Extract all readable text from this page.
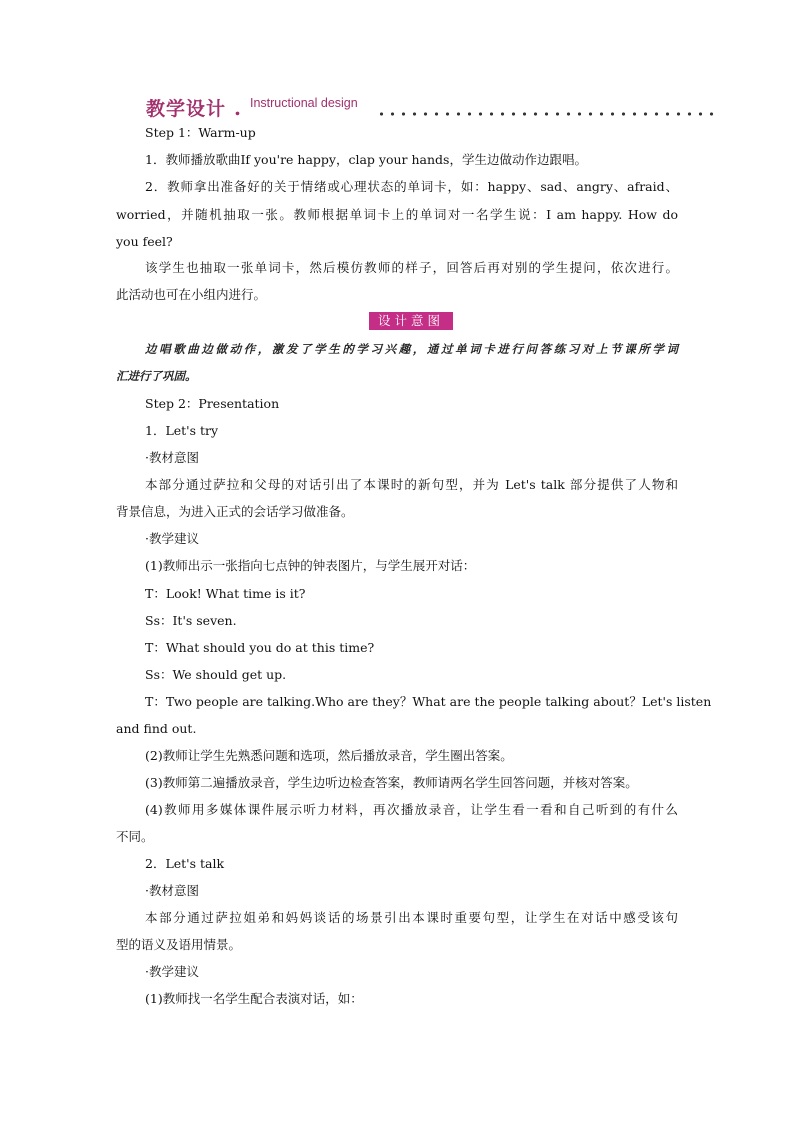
教学设计 . Instructional design
Step 1：Warm-up
1．教师播放歌曲If you're happy，clap your hands，学生边做动作边跟唱。
2．教师拿出准备好的关于情绪或心理状态的单词卡，如：happy、sad、angry、afraid、
worried，并随机抽取一张。教师根据单词卡上的单词对一名学生说：I am happy. How do
you feel?
该学生也抽取一张单词卡，然后模仿教师的样子，回答后再对别的学生提问，依次进行。
此活动也可在小组内进行。
设计意图
边唱歌曲边做动作，激发了学生的学习兴趣，通过单词卡进行问答练习对上节课所学词
汇进行了巩固。
Step 2：Presentation
1．Let's try
·教材意图
本部分通过萨拉和父母的对话引出了本课时的新句型，并为 Let's talk 部分提供了人物和
背景信息，为进入正式的会话学习做准备。
·教学建议
(1)教师出示一张指向七点钟的钟表图片，与学生展开对话：
T：Look! What time is it?
Ss：It's seven.
T：What should you do at this time?
Ss：We should get up.
T：Two people are talking.Who are they？What are the people talking about？Let's listen
and find out.
(2)教师让学生先熟悉问题和选项，然后播放录音，学生圈出答案。
(3)教师第二遍播放录音，学生边听边检查答案，教师请两名学生回答问题，并核对答案。
(4)教师用多媒体课件展示听力材料，再次播放录音，让学生看一看和自己听到的有什么
不同。
2．Let's talk
·教材意图
本部分通过萨拉姐弟和妈妈谈话的场景引出本课时重要句型，让学生在对话中感受该句
型的语义及语用情景。
·教学建议
(1)教师找一名学生配合表演对话，如：
